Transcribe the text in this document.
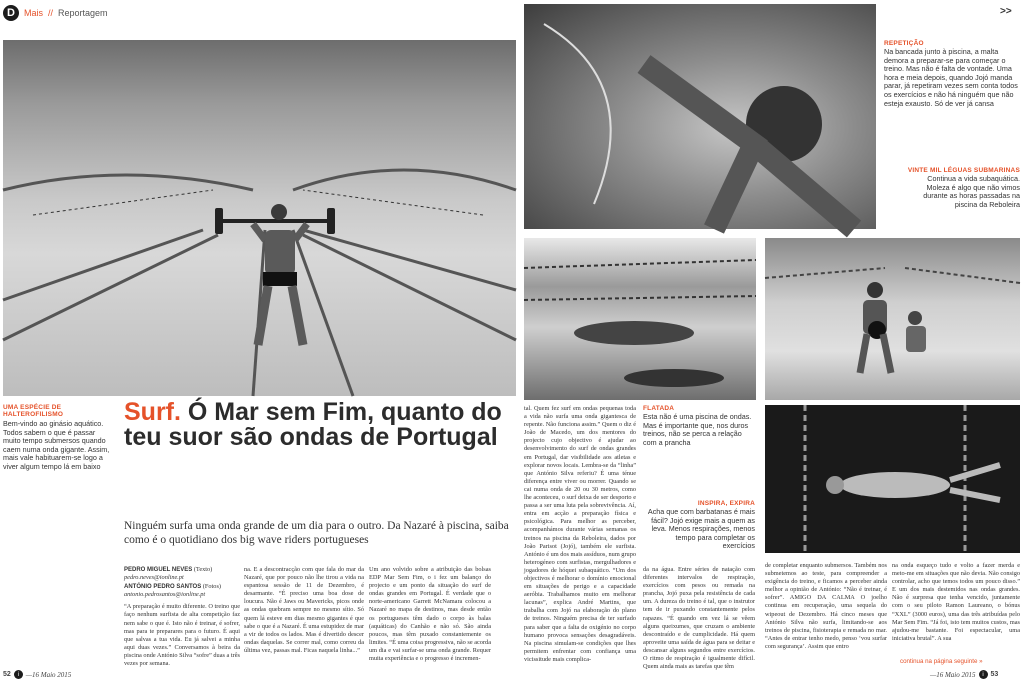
D	Mais // Reportagem	>>
UMA ESPÉCIE DE HALTEROFILISMO
Bem-vindo ao ginásio aquático. Todos sabem o que é passar muito tempo submersos quando caem numa onda gigante. Assim, mais vale habituarem-se logo a viver algum tempo lá em baixo
Surf. Ó Mar sem Fim, quanto do teu suor são ondas de Portugal
Ninguém surfa uma onda grande de um dia para o outro. Da Nazaré à piscina, saiba como é o quotidiano dos big wave riders portugueses

PEDRO MIGUEL NEVES (Texto)
pedro.neves@ionline.pt

ANTÓNIO PEDRO SANTOS (Fotos)
antonio.pedrosantos@ionline.pt

“A preparação é muito diferente. O treino que faço nenhum surfista de alta competição faz nem sabe o que é. Isto não é treinar, é sofrer, mas para te preparares para o futuro. É aqui que salvas a tua vida. Eu já salvei a minha aqui duas vezes.” Conversamos à beira da piscina onde António Silva “sofre” duas a três vezes por semana.

na. E a descontracção com que fala do mar da Nazaré, que por pouco não lhe tirou a vida na espantosa sessão de 11 de Dezembro, é desarmante. “É preciso uma boa dose de loucura. Não é Jaws ou Mavericks, picos onde as ondas quebram sempre no mesmo sítio. Só quem lá esteve em dias mesmo gigantes é que sabe o que é a Nazaré. É uma estupidez de mar a vir de todos os lados. Mas é divertido descer ondas daquelas. Se correr mal, como correu da última vez, passas mal. Ficas naquela linha...”

Um ano volvido sobre a atribuição das bolsas EDP Mar Sem Fim, o i fez um balanço do projecto e um ponto da situação do surf de ondas grandes em Portugal. É verdade que o norte-americano Garrett McNamara colocou a Nazaré no mapa de destinos, mas desde então os portugueses têm dado o corpo às balas (aquáticas) do Canhão e não só. São ainda poucos, mas têm puxado constantemente os limites. “É uma coisa progressiva, não se acorda um dia e vai surfar-se uma onda grande. Requer muita experiência e o progresso é incremen-

52	i —16 Maio 2015
REPETIÇÃO
Na bancada junto à piscina, a malta demora a preparar-se para começar o treino. Mas não é falta de vontade. Uma hora e meia depois, quando Jojó manda parar, já repetiram vezes sem conta todos os exercícios e não há ninguém que não esteja exausto. Só de ver já cansa
VINTE MIL LÉGUAS SUBMARINAS
Continua a vida subaquática. Moleza é algo que não vimos durante as horas passadas na piscina da Reboleira
FLATADA
Esta não é uma piscina de ondas. Mas é importante que, nos duros treinos, não se perca a relação com a prancha
INSPIRA, EXPIRA
Acha que com barbatanas é mais fácil? Jojó exige mais a quem as leva. Menos respirações, menos tempo para completar os exercícios

tal. Quem fez surf em ondas pequenas toda a vida não surfa uma onda gigantesca de repente. Não funciona assim.” Quem o diz é João de Macedo, um dos mentores do projecto cujo objectivo é ajudar ao desenvolvimento do surf de ondas grandes em Portugal, dar visibilidade aos atletas e explorar novos locais. Lembra-se da “linha” que António Silva referiu? É uma ténue diferença entre viver ou morrer. Quando se cai numa onda de 20 ou 30 metros, como lhe aconteceu, o surf deixa de ser desporto e passa a ser uma luta pela sobrevivência. Aí, entra em acção a preparação física e psicológica. Para melhor as perceber, acompanhámos durante várias semanas os treinos na piscina da Reboleira, dados por João Parisot (Jojó), também ele surfista. António é um dos mais assíduos, num grupo heterogéneo com surfistas, mergulhadores e jogadores de hóquei subaquático. “Um dos objectivos é melhorar o domínio emocional em situações de perigo e a capacidade aeróbia. Trabalhamos muito em melhorar lacunas”, explica André Martins, que trabalha com Jojó na elaboração do plano de treinos. Ninguém precisa de ter surfado para saber que a falta de oxigénio no corpo humano provoca sensações desagradáveis. Na piscina simulam-se condições que lhes permitem enfrentar com confiança uma vicissitude mais complica-

da na água. Entre séries de natação com diferentes intervalos de respiração, exercícios com pesos ou remada na prancha, Jojó puxa pela resistência de cada um. A dureza do treino é tal, que o instrutor tem de ir puxando constantemente pelos rapazes. “É quando em vez lá se vêem alguns queixumes, que cruzam o ambiente descontraído e de cumplicidade. Há quem aproveite uma saída de água para se deitar e descansar alguns segundos entre exercícios. O ritmo de respiração é igualmente difícil. Quem ainda mais as tarefas que têm

de completar enquanto submersos. Também nos submetemos ao teste, para compreender a exigência do treino, e ficamos a perceber ainda melhor a opinião de António: “Não é treinar, é sofrer”. AMIGO DA CALMA O joelho continua em recuperação, uma sequela do wipeout de Dezembro. Há cinco meses que António Silva não surfa, limitando-se aos treinos de piscina, fisioterapia e remada no mar. “Antes de entrar tenho medo, penso ‘vou surfar com segurança’. Assim que entro

na onda esqueço tudo e volto a fazer merda e meto-me em situações que não devia. Não consigo controlar, acho que temos todos um pouco disso.” E um dos mais destemidos nas ondas grandes. Não é surpresa que tenha vencido, juntamente com o seu piloto Ramon Laureano, o bónus “XXL” (3000 euros), uma das três atribuídas pelo Mar Sem Fim. “Já foi, isto tem muitos custos, mas ajudou-me bastante. Foi espectacular, uma iniciativa brutal”. A sua

continua na página seguinte »
—16 Maio 2015	i 53
